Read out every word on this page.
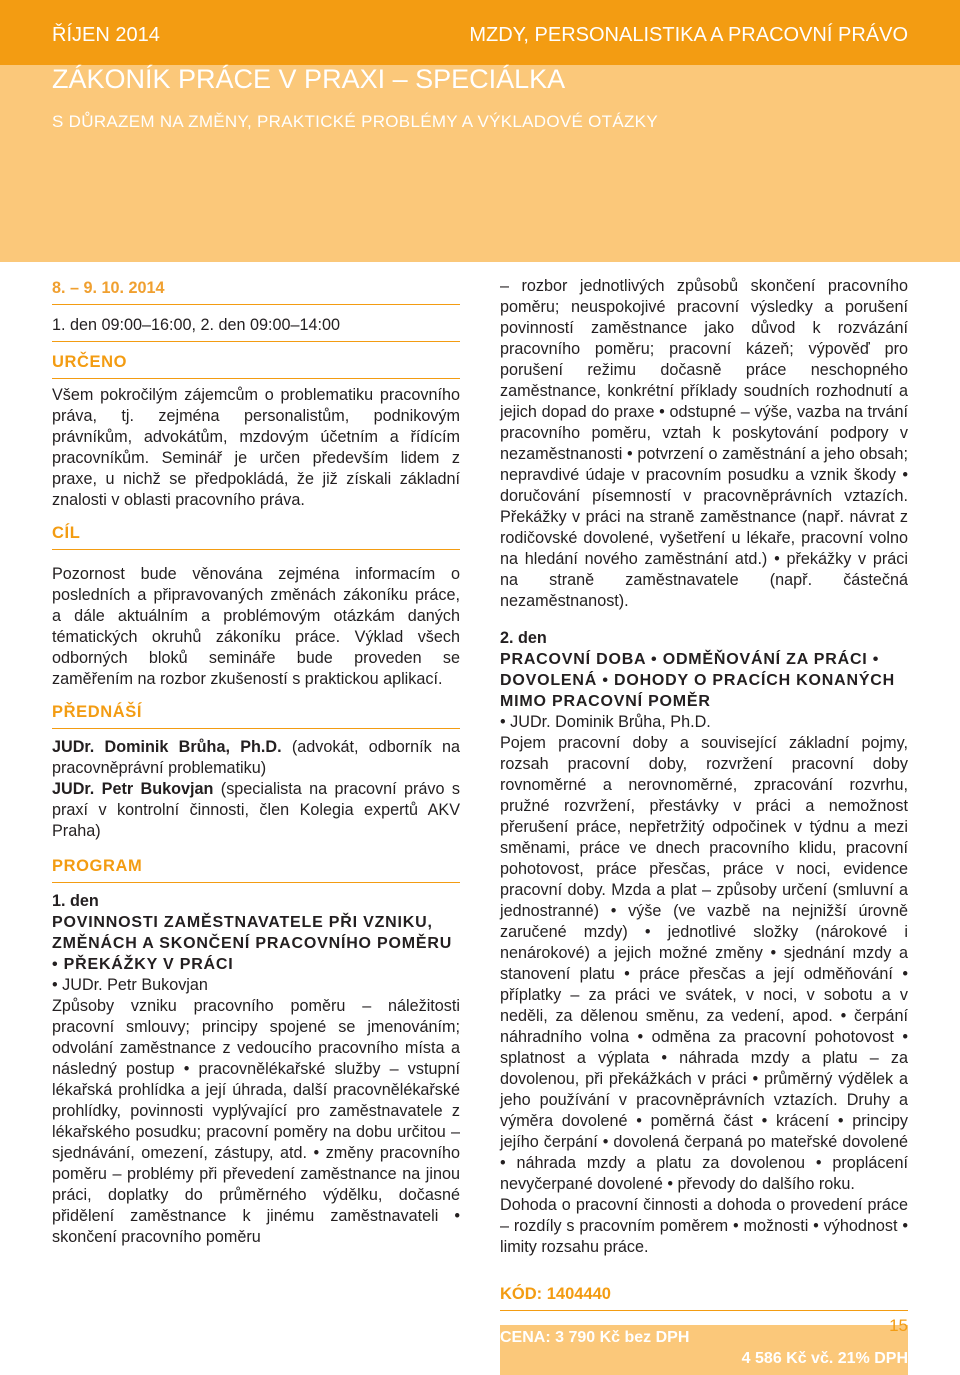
ŘÍJEN 2014	MZDY, PERSONALISTIKA A PRACOVNÍ PRÁVO
ZÁKONÍK PRÁCE V PRAXI – SPECIÁLKA
S DŮRAZEM NA ZMĚNY, PRAKTICKÉ PROBLÉMY A VÝKLADOVÉ OTÁZKY
8. – 9. 10. 2014
1. den 09:00–16:00, 2. den 09:00–14:00
URČENO

Všem pokročilým zájemcům o problematiku pracovního práva, tj. zejména personalistům, podnikovým právníkům, advokátům, mzdovým účetním a řídícím pracovníkům. Seminář je určen především lidem z praxe, u nichž se předpokládá, že již získali základní znalosti v oblasti pracovního práva.

CÍL

Pozornost bude věnována zejména informacím o posledních a připravovaných změnách zákoníku práce, a dále aktuálním a problémovým otázkám daných tématických okruhů zákoníku práce. Výklad všech odborných bloků semináře bude proveden se zaměřením na rozbor zkušeností s praktickou aplikací.

PŘEDNÁŠÍ

JUDr. Dominik Brůha, Ph.D. (advokát, odborník na pracovněprávní problematiku)

JUDr. Petr Bukovjan (specialista na pracovní právo s praxí v kontrolní činnosti, člen Kolegia expertů AKV Praha)

PROGRAM
1. den
POVINNOSTI ZAMĚSTNAVATELE PŘI VZNIKU, ZMĚNÁCH A SKONČENÍ PRACOVNÍHO POMĚRU • PŘEKÁŽKY V PRÁCI
• JUDr. Petr Bukovjan

Způsoby vzniku pracovního poměru – náležitosti pracovní smlouvy; principy spojené se jmenováním; odvolání zaměstnance z vedoucího pracovního místa a následný postup • pracovnělékařské služby – vstupní lékařská prohlídka a její úhrada, další pracovnělékařské prohlídky, povinnosti vyplývající pro zaměstnavatele z lékařského posudku; pracovní poměry na dobu určitou – sjednávání, omezení, zástupy, atd. • změny pracovního poměru – problémy při převedení zaměstnance na jinou práci, doplatky do průměrného výdělku, dočasné přidělení zaměstnance k jinému zaměstnavateli • skončení pracovního poměru

– rozbor jednotlivých způsobů skončení pracovního poměru; neuspokojivé pracovní výsledky a porušení povinností zaměstnance jako důvod k rozvázání pracovního poměru; pracovní kázeň; výpověď pro porušení režimu dočasně práce neschopného zaměstnance, konkrétní příklady soudních rozhodnutí a jejich dopad do praxe • odstupné – výše, vazba na trvání pracovního poměru, vztah k poskytování podpory v nezaměstnanosti • potvrzení o zaměstnání a jeho obsah; nepravdivé údaje v pracovním posudku a vznik škody • doručování písemností v pracovněprávních vztazích. Překážky v práci na straně zaměstnance (např. návrat z rodičovské dovolené, vyšetření u lékaře, pracovní volno na hledání nového zaměstnání atd.) • překážky v práci na straně zaměstnavatele (např. částečná nezaměstnanost).

2. den
PRACOVNÍ DOBA • ODMĚŇOVÁNÍ ZA PRÁCI • DOVOLENÁ • DOHODY O PRACÍCH KONANÝCH MIMO PRACOVNÍ POMĚR
• JUDr. Dominik Brůha, Ph.D.

Pojem pracovní doby a související základní pojmy, rozsah pracovní doby, rozvržení pracovní doby rovnoměrné a nerovnoměrné, zpracování rozvrhu, pružné rozvržení, přestávky v práci a nemožnost přerušení práce, nepřetržitý odpočinek v týdnu a mezi směnami, práce ve dnech pracovního klidu, pracovní pohotovost, práce přesčas, práce v noci, evidence pracovní doby. Mzda a plat – způsoby určení (smluvní a jednostranné) • výše (ve vazbě na nejnižší úrovně zaručené mzdy) • jednotlivé složky (nárokové i nenárokové) a jejich možné změny • sjednání mzdy a stanovení platu • práce přesčas a její odměňování • příplatky – za práci ve svátek, v noci, v sobotu a v neděli, za dělenou směnu, za vedení, apod. • čerpání náhradního volna • odměna za pracovní pohotovost • splatnost a výplata • náhrada mzdy a platu – za dovolenou, při překážkách v práci • průměrný výdělek a jeho používání v pracovněprávních vztazích. Druhy a výměra dovolené • poměrná část • krácení • principy jejího čerpání • dovolená čerpaná po mateřské dovolené • náhrada mzdy a platu za dovolenou • proplácení nevyčerpané dovolené • převody do dalšího roku.

Dohoda o pracovní činnosti a dohoda o provedení práce – rozdíly s pracovním poměrem • možnosti • výhodnost • limity rozsahu práce.

KÓD: 1404440
CENA: 3 790 Kč bez DPH
4 586 Kč vč. 21% DPH
15
